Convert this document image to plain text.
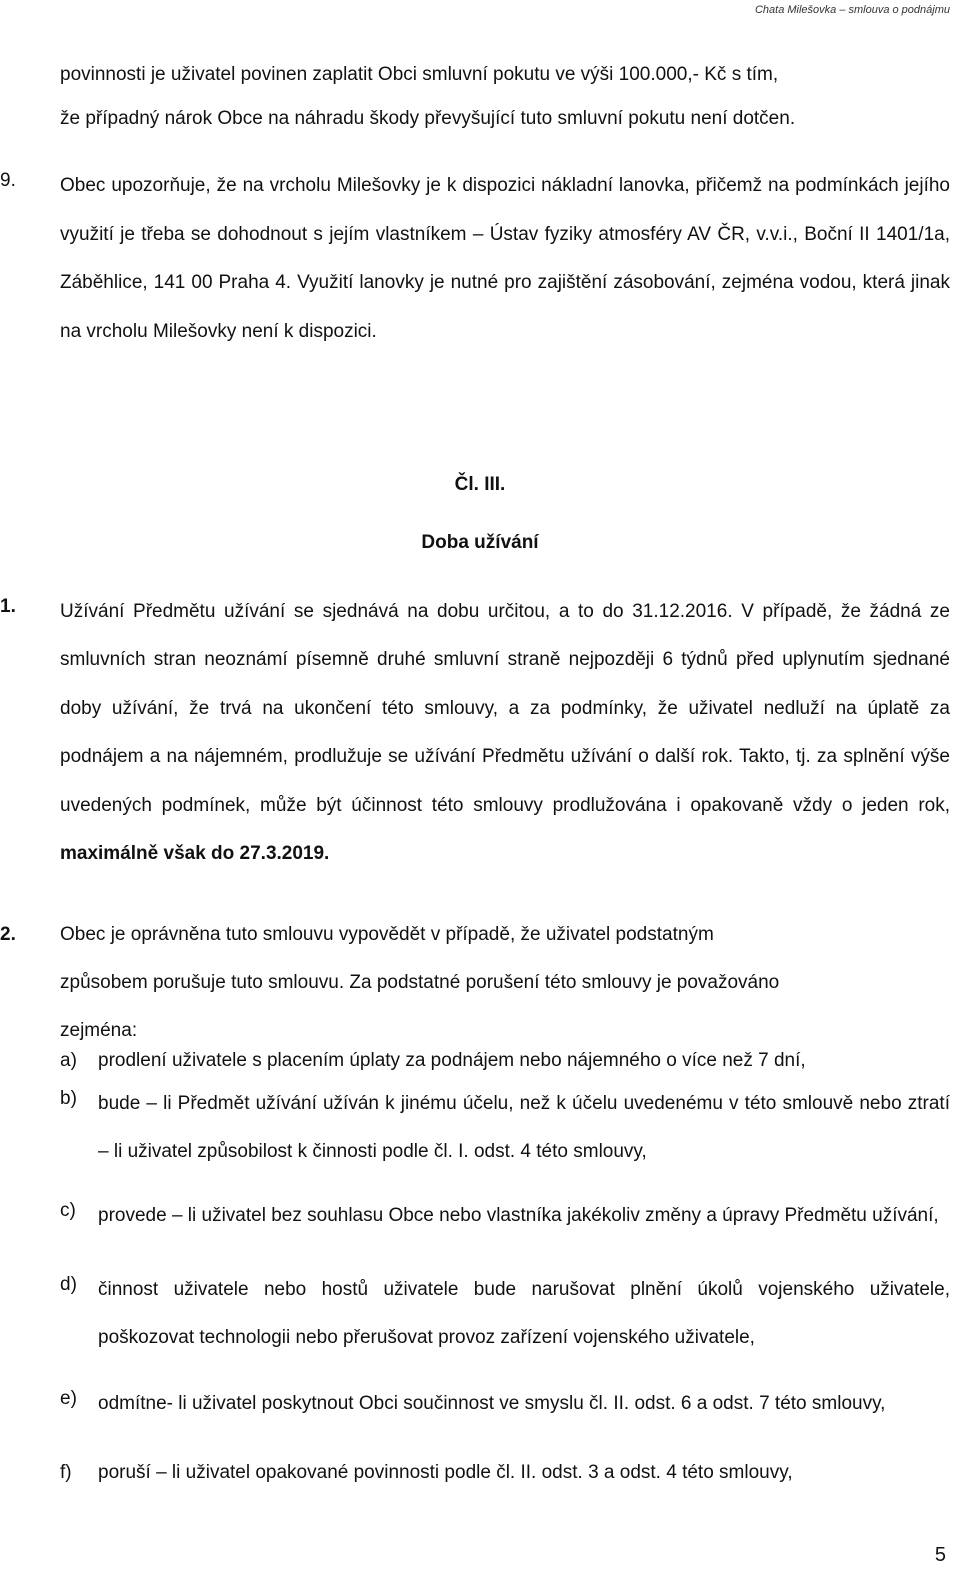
Chata Milešovka – smlouva o podnájmu
povinnosti je uživatel povinen zaplatit Obci smluvní pokutu ve výši 100.000,- Kč s tím,
že případný nárok Obce na náhradu škody převyšující tuto smluvní pokutu není dotčen.
9. Obec upozorňuje, že na vrcholu Milešovky je k dispozici nákladní lanovka, přičemž na podmínkách jejího využití je třeba se dohodnout s jejím vlastníkem – Ústav fyziky atmosféry AV ČR, v.v.i., Boční II 1401/1a, Záběhlice, 141 00 Praha 4. Využití lanovky je nutné pro zajištění zásobování, zejména vodou, která jinak na vrcholu Milešovky není k dispozici.
Čl. III.
Doba užívání
1. Užívání Předmětu užívání se sjednává na dobu určitou, a to do 31.12.2016. V případě, že žádná ze smluvních stran neoznámí písemně druhé smluvní straně nejpozději 6 týdnů před uplynutím sjednané doby užívání, že trvá na ukončení této smlouvy, a za podmínky, že uživatel nedluží na úplatě za podnájem a na nájemném, prodlužuje se užívání Předmětu užívání o další rok. Takto, tj. za splnění výše uvedených podmínek, může být účinnost této smlouvy prodlužována i opakovaně vždy o jeden rok, maximálně však do 27.3.2019.
2. Obec je oprávněna tuto smlouvu vypovědět v případě, že uživatel podstatným
způsobem porušuje tuto smlouvu. Za podstatné porušení této smlouvy je považováno
zejména:
a) prodlení uživatele s placením úplaty za podnájem nebo nájemného o více než 7 dní,
b) bude – li Předmět užívání užíván k jinému účelu, než k účelu uvedenému v této smlouvě nebo ztratí – li uživatel způsobilost k činnosti podle čl. I. odst. 4 této smlouvy,
c) provede – li uživatel bez souhlasu Obce nebo vlastníka jakékoliv změny a úpravy Předmětu užívání,
d) činnost uživatele nebo hostů uživatele bude narušovat plnění úkolů vojenského uživatele, poškozovat technologii nebo přerušovat provoz zařízení vojenského uživatele,
e) odmítne- li uživatel poskytnout Obci součinnost ve smyslu čl. II. odst. 6 a odst. 7 této smlouvy,
f) poruší – li uživatel opakované povinnosti podle čl. II. odst. 3 a odst. 4 této smlouvy,
5
